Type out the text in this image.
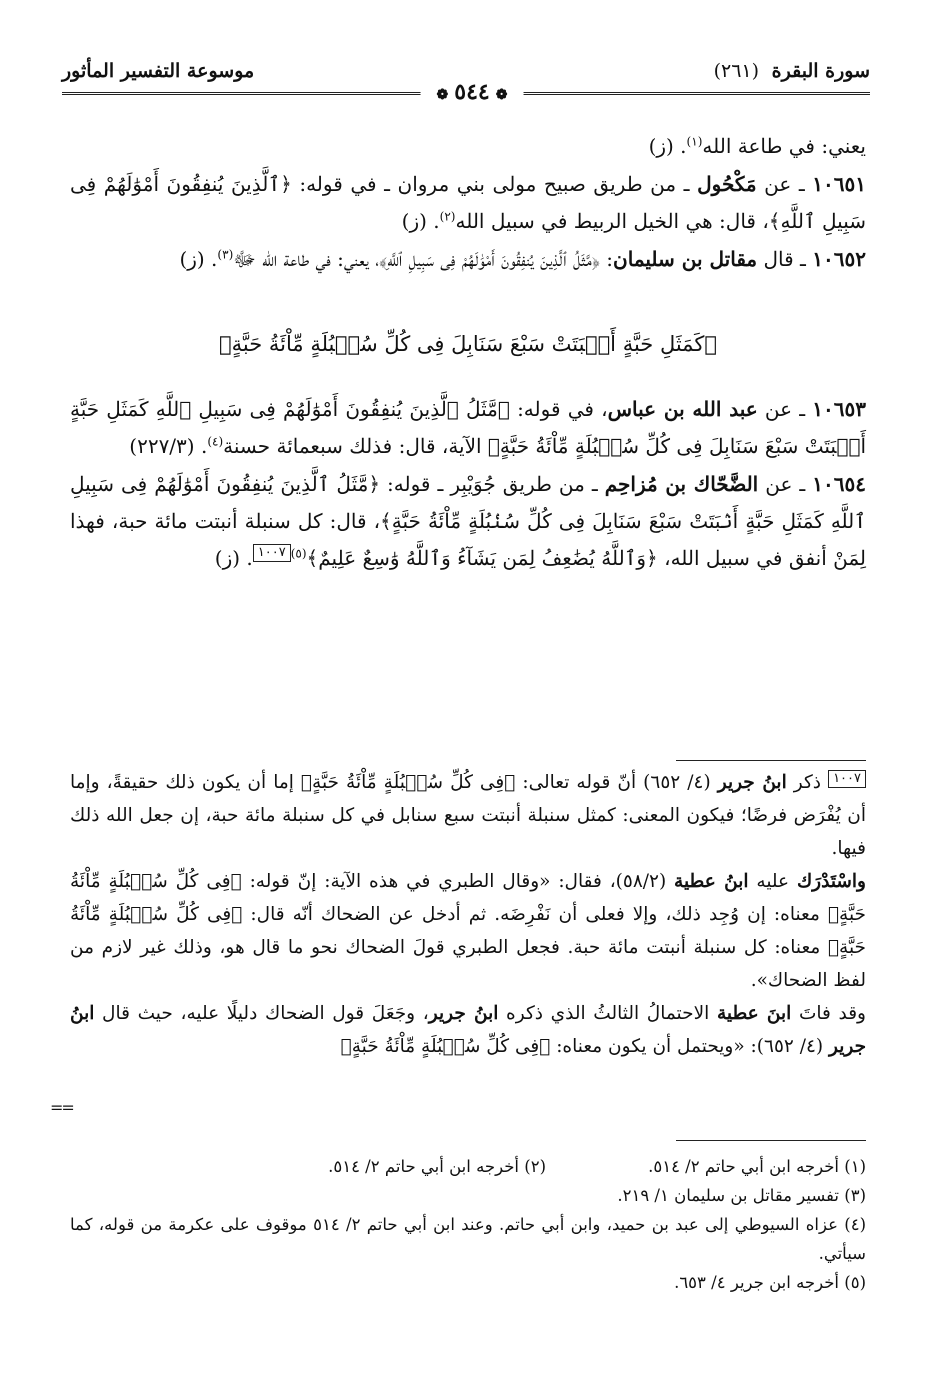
سورة البقرة (٢٦١)
موسوعة التفسير المأثور
❁٥٤٤❁

يعني: في طاعة الله$^{(١)}$. (ز)

١٠٦٥١ ـ عن مَكْحُول ـ من طريق صبيح مولى بني مروان ـ في قوله: ﴿ٱلَّذِينَ يُنفِقُونَ أَمْوَٰلَهُمْ فِى سَبِيلِ ٱللَّهِ﴾، قال: هي الخيل الربيط في سبيل الله$^{(٢)}$. (ز)

١٠٦٥٢ ـ قال مقاتل بن سليمان: ﴿مَّثَلُ ٱلَّذِينَ يُنفِقُونَ أَمْوَٰلَهُمْ فِى سَبِيلِ ٱللَّهِ﴾، يعني: في طاعة الله ﷻ$^{(٣)}$. (ز)

﴿كَمَثَلِ حَبَّةٍ أَنۢبَتَتْ سَبْعَ سَنَابِلَ فِى كُلِّ سُنۢبُلَةٍ مِّاْئَةُ حَبَّةٍ﴾

١٠٦٥٣ ـ عن عبد الله بن عباس، في قوله: ﴿مَّثَلُ ٱلَّذِينَ يُنفِقُونَ أَمْوَٰلَهُمْ فِى سَبِيلِ ٱللَّهِ كَمَثَلِ حَبَّةٍ أَنۢبَتَتْ سَبْعَ سَنَابِلَ فِى كُلِّ سُنۢبُلَةٍ مِّاْئَةُ حَبَّةٍ﴾ الآية، قال: فذلك سبعمائة حسنة$^{(٤)}$. (٢٢٧/٣)

١٠٦٥٤ ـ عن الضَّحّاك بن مُزاحِم ـ من طريق جُوَيْبِر ـ قوله: ﴿مَّثَلُ ٱلَّذِينَ يُنفِقُونَ أَمْوَٰلَهُمْ فِى سَبِيلِ ٱللَّهِ كَمَثَلِ حَبَّةٍ أَنۢبَتَتْ سَبْعَ سَنَابِلَ فِى كُلِّ سُنۢبُلَةٍ مِّاْئَةُ حَبَّةٍ﴾، قال: كل سنبلة أنبتت مائة حبة، فهذا لِمَنْ أنفق في سبيل الله، ﴿وَٱللَّهُ يُضَٰعِفُ لِمَن يَشَآءُ وَٱللَّهُ وَٰسِعٌ عَلِيمٌ﴾$^{(٥)}$١٠٠٧. (ز)

١٠٠٧ ذكر ابنُ جرير (٤/ ٦٥٢) أنّ قوله تعالى: ﴿فِى كُلِّ سُنۢبُلَةٍ مِّاْئَةُ حَبَّةٍ﴾ إما أن يكون ذلك حقيقةً، وإما أن يُفْرَض فرضًا؛ فيكون المعنى: كمثل سنبلة أنبتت سبع سنابل في كل سنبلة مائة حبة، إن جعل الله ذلك فيها.

واسْتَدْرَك عليه ابنُ عطية (٥٨/٢)، فقال: «وقال الطبري في هذه الآية: إنّ قوله: ﴿فِى كُلِّ سُنۢبُلَةٍ مِّاْئَةُ حَبَّةٍ﴾ معناه: إن وُجِد ذلك، وإلا فعلى أن نَفْرِضَه. ثم أدخل عن الضحاك أنّه قال: ﴿فِى كُلِّ سُنۢبُلَةٍ مِّاْئَةُ حَبَّةٍ﴾ معناه: كل سنبلة أنبتت مائة حبة. فجعل الطبري قولَ الضحاك نحو ما قال هو، وذلك غير لازم من لفظ الضحاك».

وقد فاتَ ابنَ عطية الاحتمالُ الثالثُ الذي ذكره ابنُ جرير، وجَعَلَ قول الضحاك دليلًا عليه، حيث قال ابنُ جرير (٤/ ٦٥٢): «ويحتمل أن يكون معناه: ﴿فِى كُلِّ سُنۢبُلَةٍ مِّاْئَةُ حَبَّةٍ﴾

==
(١) أخرجه ابن أبي حاتم ٢/ ٥١٤.
(٢) أخرجه ابن أبي حاتم ٢/ ٥١٤.

(٣) تفسير مقاتل بن سليمان ١/ ٢١٩.

(٤) عزاه السيوطي إلى عبد بن حميد، وابن أبي حاتم. وعند ابن أبي حاتم ٢/ ٥١٤ موقوف على عكرمة من قوله، كما سيأتي.

(٥) أخرجه ابن جرير ٤/ ٦٥٣.
